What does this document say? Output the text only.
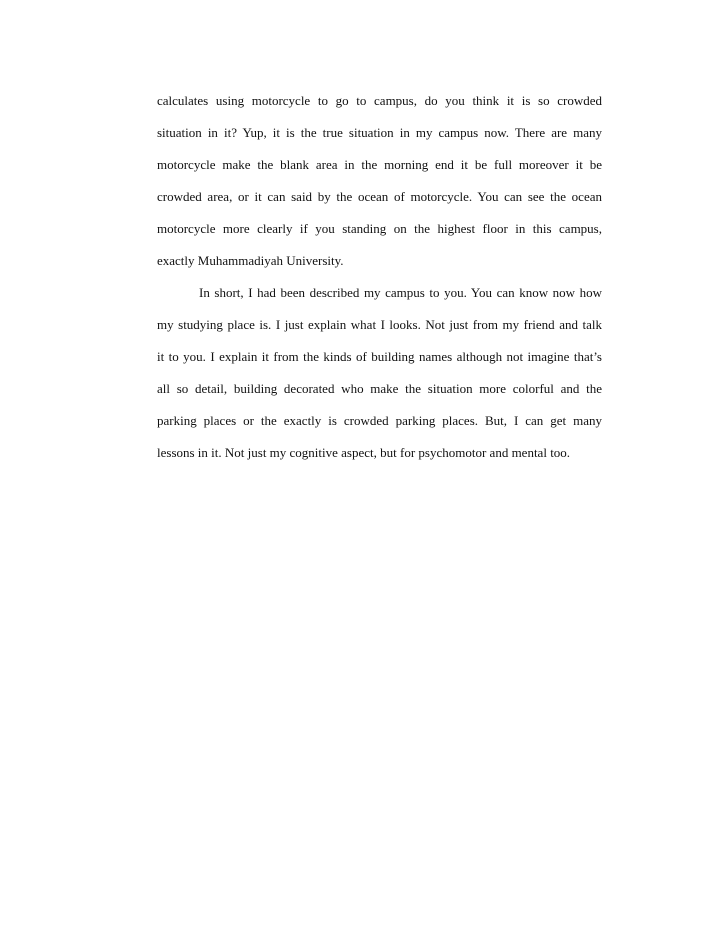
calculates using motorcycle to go to campus, do you think it is so crowded
situation in it? Yup, it is the true situation in my campus now. There are many
motorcycle make the blank area in the morning end it be full moreover it be
crowded area, or it can said by the ocean of motorcycle. You can see the ocean
motorcycle more clearly if you standing on the highest floor in this campus,
exactly Muhammadiyah University.
In short, I had been described my campus to you. You can know now how
my studying place is. I just explain what I looks. Not just from my friend and talk
it to you. I explain it from the kinds of building names although not imagine that’s
all so detail, building decorated who make the situation more colorful and the
parking places or the exactly is crowded parking places. But, I can get many
lessons in it. Not just my cognitive aspect, but for psychomotor and mental too.
